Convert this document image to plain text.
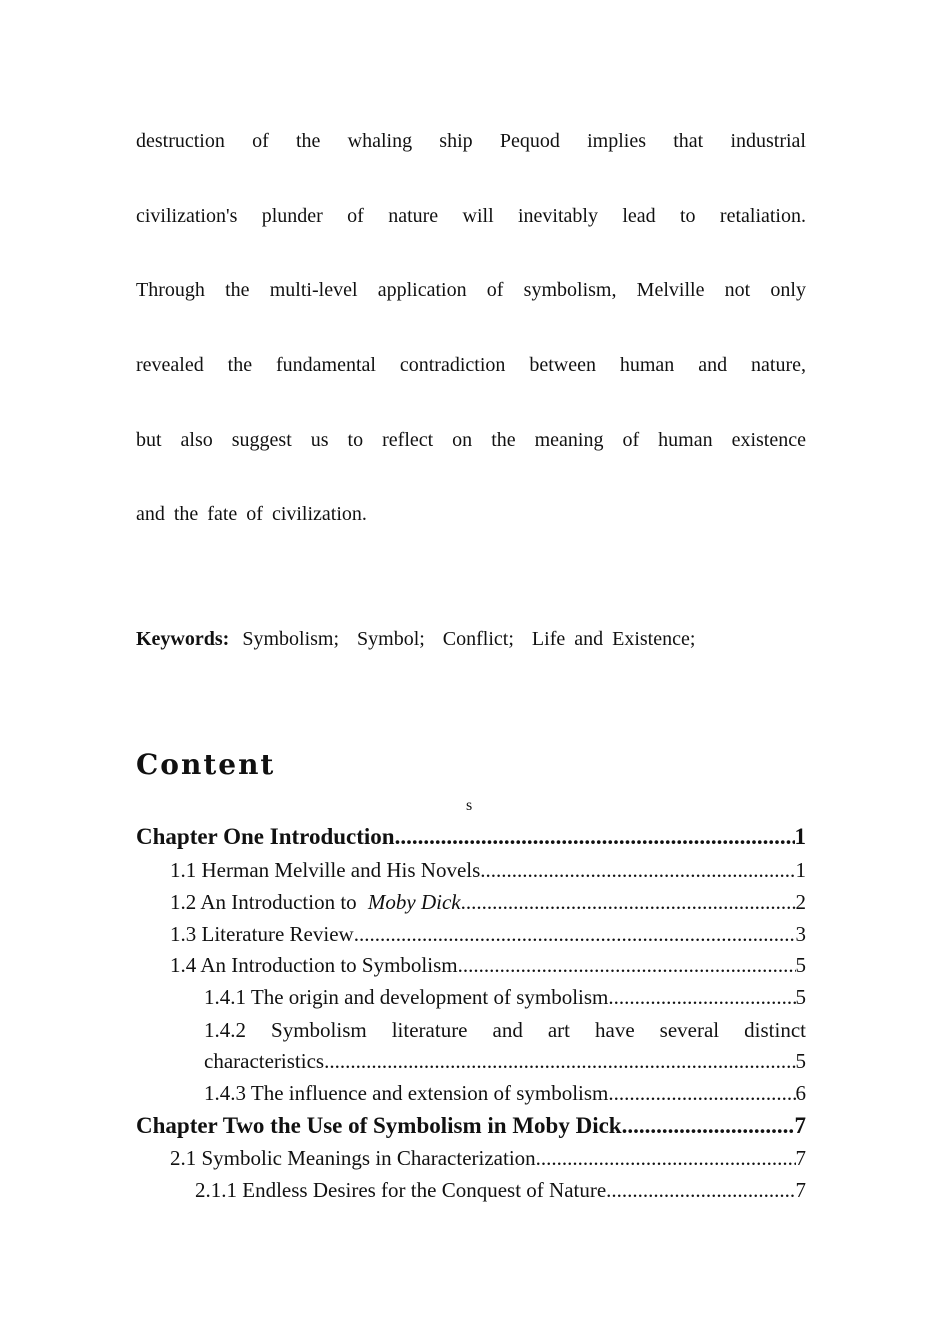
destruction of the whaling ship Pequod implies that industrial
civilization's plunder of nature will inevitably lead to retaliation.
Through the multi-level application of symbolism, Melville not only
revealed the fundamental contradiction between human and nature,
but also suggest us to reflect on the meaning of human existence
and the fate of civilization.
Keywords: Symbolism;  Symbol;  Conflict;  Life and Existence;
Content
s
Chapter One Introduction .....	1
1.1 Herman Melville and His Novels .....	1
1.2 An Introduction to Moby Dick .....	2
1.3 Literature Review .....	3
1.4 An Introduction to Symbolism .....	5
1.4.1 The origin and development of symbolism .....	5
1.4.2 Symbolism literature and art have several distinct
characteristics .....	5
1.4.3 The influence and extension of symbolism .....	6
Chapter Two the Use of Symbolism in Moby Dick .....	7
2.1 Symbolic Meanings in Characterization .....	7
2.1.1 Endless Desires for the Conquest of Nature .....	7
